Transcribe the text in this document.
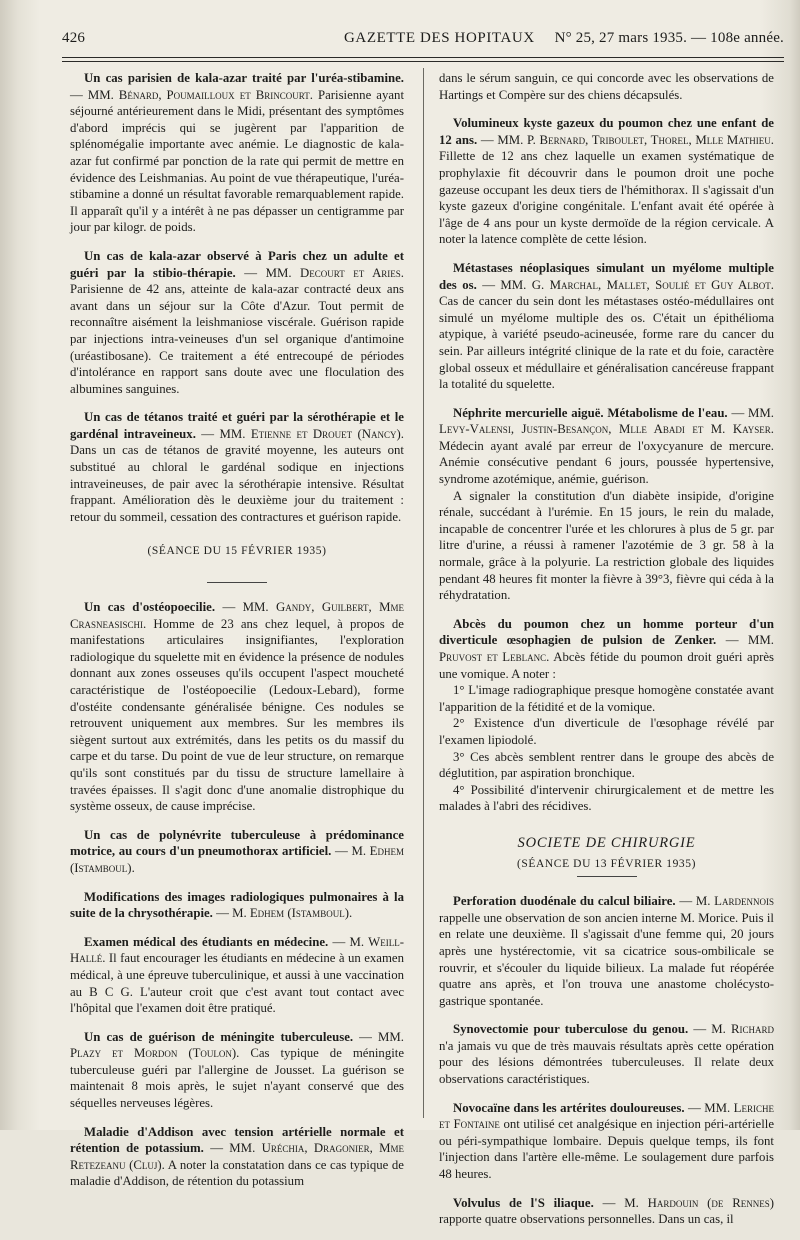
426	GAZETTE DES HOPITAUX N° 25, 27 mars 1935. — 108e année.

Un cas parisien de kala-azar traité par l'uréa-stibamine. — MM. Bénard, Poumailloux et Brincourt. Parisienne ayant séjourné antérieurement dans le Midi, présentant des symptômes d'abord imprécis qui se jugèrent par l'apparition de splénomégalie importante avec anémie. Le diagnostic de kala-azar fut confirmé par ponction de la rate qui permit de mettre en évidence des Leishmanias. Au point de vue thérapeutique, l'uréa-stibamine a donné un résultat favorable remarquablement rapide. Il apparaît qu'il y a intérêt à ne pas dépasser un centigramme par jour par kilogr. de poids.

Un cas de kala-azar observé à Paris chez un adulte et guéri par la stibio-thérapie. — MM. Decourt et Aries. Parisienne de 42 ans, atteinte de kala-azar contracté deux ans avant dans un séjour sur la Côte d'Azur. Tout permit de reconnaître aisément la leishmaniose viscérale. Guérison rapide par injections intra-veineuses d'un sel organique d'antimoine (uréastibosane). Ce traitement a été entrecoupé de périodes d'intolérance en rapport sans doute avec une floculation des albumines sanguines.

Un cas de tétanos traité et guéri par la sérothérapie et le gardénal intraveineux. — MM. Etienne et Drouet (Nancy). Dans un cas de tétanos de gravité moyenne, les auteurs ont substitué au chloral le gardénal sodique en injections intraveineuses, de pair avec la sérothérapie intensive. Résultat frappant. Amélioration dès le deuxième jour du traitement : retour du sommeil, cessation des contractures et guérison rapide.

(SÉANCE DU 15 FÉVRIER 1935)

Un cas d'ostéopoecilie. — MM. Gandy, Guilbert, Mme Crasneasischi. Homme de 23 ans chez lequel, à propos de manifestations articulaires insignifiantes, l'exploration radiologique du squelette mit en évidence la présence de nodules donnant aux zones osseuses qu'ils occupent l'aspect moucheté caractéristique de l'ostéopoecilie (Ledoux-Lebard), forme d'ostéite condensante généralisée bénigne. Ces nodules se retrouvent uniquement aux membres. Sur les membres ils siègent surtout aux extrémités, dans les petits os du massif du carpe et du tarse. Du point de vue de leur structure, on remarque qu'ils sont constitués par du tissu de structure lamellaire à travées épaisses. Il s'agit donc d'une anomalie distrophique du système osseux, de cause imprécise.

Un cas de polynévrite tuberculeuse à prédominance motrice, au cours d'un pneumothorax artificiel. — M. Edhem (Istamboul).

Modifications des images radiologiques pulmonaires à la suite de la chrysothérapie. — M. Edhem (Istamboul).

Examen médical des étudiants en médecine. — M. Weill-Hallé. Il faut encourager les étudiants en médecine à un examen médical, à une épreuve tuberculinique, et aussi à une vaccination au B C G. L'auteur croit que c'est avant tout contact avec l'hôpital que l'examen doit être pratiqué.

Un cas de guérison de méningite tuberculeuse. — MM. Plazy et Mordon (Toulon). Cas typique de méningite tuberculeuse guéri par l'allergine de Jousset. La guérison se maintenait 8 mois après, le sujet n'ayant conservé que des séquelles nerveuses légères.

Maladie d'Addison avec tension artérielle normale et rétention de potassium. — MM. Uréchia, Dragonier, Mme Retezeanu (Cluj). A noter la constatation dans ce cas typique de maladie d'Addison, de rétention du potassium

dans le sérum sanguin, ce qui concorde avec les observations de Hartings et Compère sur des chiens décapsulés.

Volumineux kyste gazeux du poumon chez une enfant de 12 ans. — MM. P. Bernard, Triboulet, Thorel, Mlle Mathieu. Fillette de 12 ans chez laquelle un examen systématique de prophylaxie fit découvrir dans le poumon droit une poche gazeuse occupant les deux tiers de l'hémithorax. Il s'agissait d'un kyste gazeux d'origine congénitale. L'enfant avait été opérée à l'âge de 4 ans pour un kyste dermoïde de la région cervicale. A noter la latence complète de cette lésion.

Métastases néoplasiques simulant un myélome multiple des os. — MM. G. Marchal, Mallet, Soulié et Guy Albot. Cas de cancer du sein dont les métastases ostéo-médullaires ont simulé un myélome multiple des os. C'était un épithélioma atypique, à variété pseudo-acineusée, forme rare du cancer du sein. Par ailleurs intégrité clinique de la rate et du foie, caractère global osseux et médullaire et généralisation cancéreuse frappant la totalité du squelette.

Néphrite mercurielle aiguë. Métabolisme de l'eau. — MM. Levy-Valensi, Justin-Besançon, Mlle Abadi et M. Kayser. Médecin ayant avalé par erreur de l'oxycyanure de mercure. Anémie consécutive pendant 6 jours, poussée hypertensive, syndrome azotémique, anémie, guérison.

A signaler la constitution d'un diabète insipide, d'origine rénale, succédant à l'urémie. En 15 jours, le rein du malade, incapable de concentrer l'urée et les chlorures à plus de 5 gr. par litre d'urine, a réussi à ramener l'azotémie de 3 gr. 58 à la normale, grâce à la polyurie. La restriction globale des liquides pendant 48 heures fit monter la fièvre à 39°3, fièvre qui céda à la réhydratation.

Abcès du poumon chez un homme porteur d'un diverticule œsophagien de pulsion de Zenker. — MM. Pruvost et Leblanc. Abcès fétide du poumon droit guéri après une vomique. A noter :

1° L'image radiographique presque homogène constatée avant l'apparition de la fétidité et de la vomique.

2° Existence d'un diverticule de l'œsophage révélé par l'examen lipiodolé.

3° Ces abcès semblent rentrer dans le groupe des abcès de déglutition, par aspiration bronchique.

4° Possibilité d'intervenir chirurgicalement et de mettre les malades à l'abri des récidives.

SOCIETE DE CHIRURGIE
(SÉANCE DU 13 FÉVRIER 1935)

Perforation duodénale du calcul biliaire. — M. Lardennois rappelle une observation de son ancien interne M. Morice. Puis il en relate une deuxième. Il s'agissait d'une femme qui, 20 jours après une hystérectomie, vit sa cicatrice sous-ombilicale se rouvrir, et s'écouler du liquide bilieux. La malade fut réopérée quatre ans après, et l'on trouva une anastome cholécysto-gastrique spontanée.

Synovectomie pour tuberculose du genou. — M. Richard n'a jamais vu que de très mauvais résultats après cette opération pour des lésions démontrées tuberculeuses. Il relate deux observations caractéristiques.

Novocaïne dans les artérites douloureuses. — MM. Leriche et Fontaine ont utilisé cet analgésique en injection péri-artérielle ou péri-sympathique lombaire. Depuis quelque temps, ils font l'injection dans l'artère elle-même. Le soulagement dure parfois 48 heures.

Volvulus de l'S iliaque. — M. Hardouin (de Rennes) rapporte quatre observations personnelles. Dans un cas, il
